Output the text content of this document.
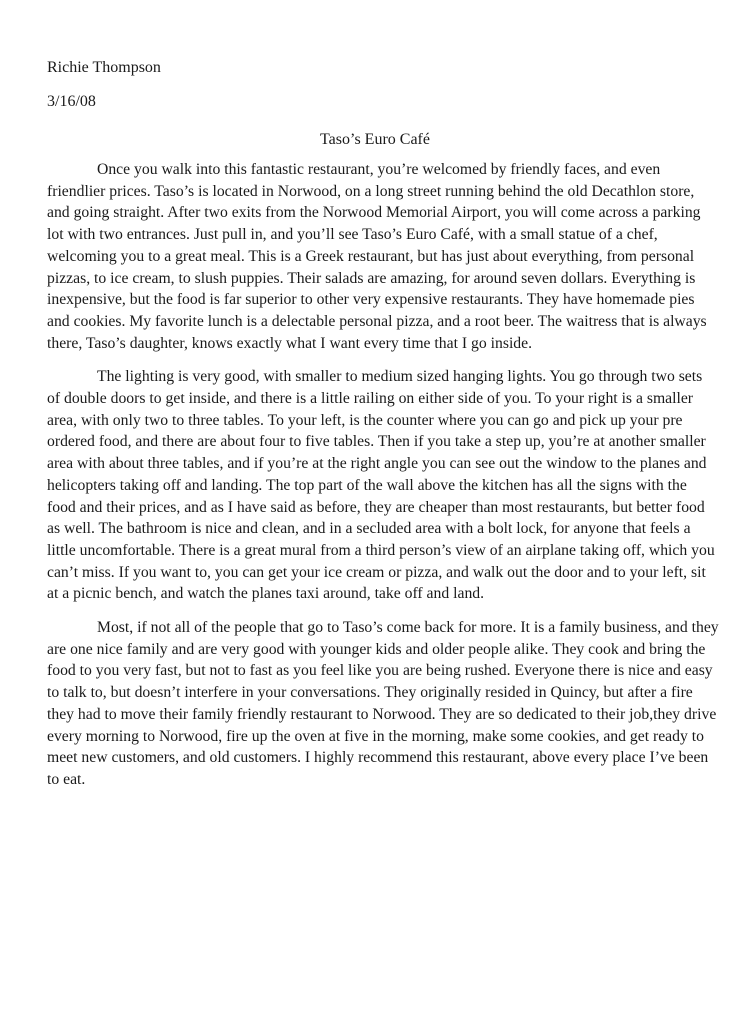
Richie Thompson
3/16/08
Taso’s Euro Café

Once you walk into this fantastic restaurant, you’re welcomed by friendly faces, and even friendlier prices. Taso’s is located in Norwood, on a long street running behind the old Decathlon store, and going straight. After two exits from the Norwood Memorial Airport, you will come across a parking lot with two entrances. Just pull in, and you’ll see Taso’s Euro Café, with a small statue of a chef, welcoming you to a great meal. This is a Greek restaurant, but has just about everything, from personal pizzas, to ice cream, to slush puppies. Their salads are amazing, for around seven dollars. Everything is inexpensive, but the food is far superior to other very expensive restaurants. They have homemade pies and cookies. My favorite lunch is a delectable personal pizza, and a root beer. The waitress that is always there, Taso’s daughter, knows exactly what I want every time that I go inside.

The lighting is very good, with smaller to medium sized hanging lights. You go through two sets of double doors to get inside, and there is a little railing on either side of you. To your right is a smaller area, with only two to three tables. To your left, is the counter where you can go and pick up your pre ordered food, and there are about four to five tables. Then if you take a step up, you’re at another smaller area with about three tables, and if you’re at the right angle you can see out the window to the planes and helicopters taking off and landing. The top part of the wall above the kitchen has all the signs with the food and their prices, and as I have said as before, they are cheaper than most restaurants, but better food as well. The bathroom is nice and clean, and in a secluded area with a bolt lock, for anyone that feels a little uncomfortable. There is a great mural from a third person’s view of an airplane taking off, which you can’t miss. If you want to, you can get your ice cream or pizza, and walk out the door and to your left, sit at a picnic bench, and watch the planes taxi around, take off and land.

Most, if not all of the people that go to Taso’s come back for more. It is a family business, and they are one nice family and are very good with younger kids and older people alike. They cook and bring the food to you very fast, but not to fast as you feel like you are being rushed. Everyone there is nice and easy to talk to, but doesn’t interfere in your conversations. They originally resided in Quincy, but after a fire they had to move their family friendly restaurant to Norwood. They are so dedicated to their job,they drive every morning to Norwood, fire up the oven at five in the morning, make some cookies, and get ready to meet new customers, and old customers. I highly recommend this restaurant, above every place I’ve been to eat.
